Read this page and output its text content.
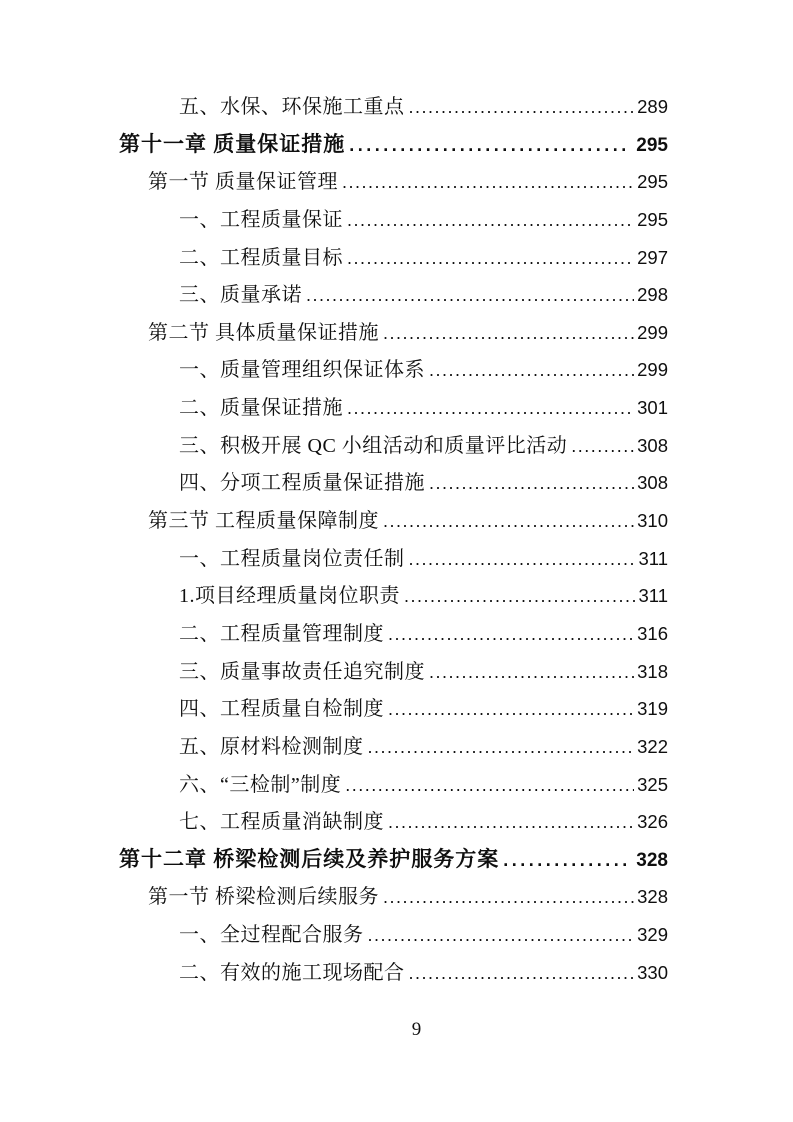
五、水保、环保施工重点 .....	289
第十一章 质量保证措施 .....	295
第一节 质量保证管理 .....	295
一、工程质量保证 .....	295
二、工程质量目标 .....	297
三、质量承诺 .....	298
第二节 具体质量保证措施 .....	299
一、质量管理组织保证体系 .....	299
二、质量保证措施 .....	301
三、积极开展 QC 小组活动和质量评比活动 .....	308
四、分项工程质量保证措施 .....	308
第三节 工程质量保障制度 .....	310
一、工程质量岗位责任制 .....	311
1.项目经理质量岗位职责 .....	311
二、工程质量管理制度 .....	316
三、质量事故责任追究制度 .....	318
四、工程质量自检制度 .....	319
五、原材料检测制度 .....	322
六、“三检制”制度 .....	325
七、工程质量消缺制度 .....	326
第十二章 桥梁检测后续及养护服务方案 .....	328
第一节 桥梁检测后续服务 .....	328
一、全过程配合服务 .....	329
二、有效的施工现场配合 .....	330
9
